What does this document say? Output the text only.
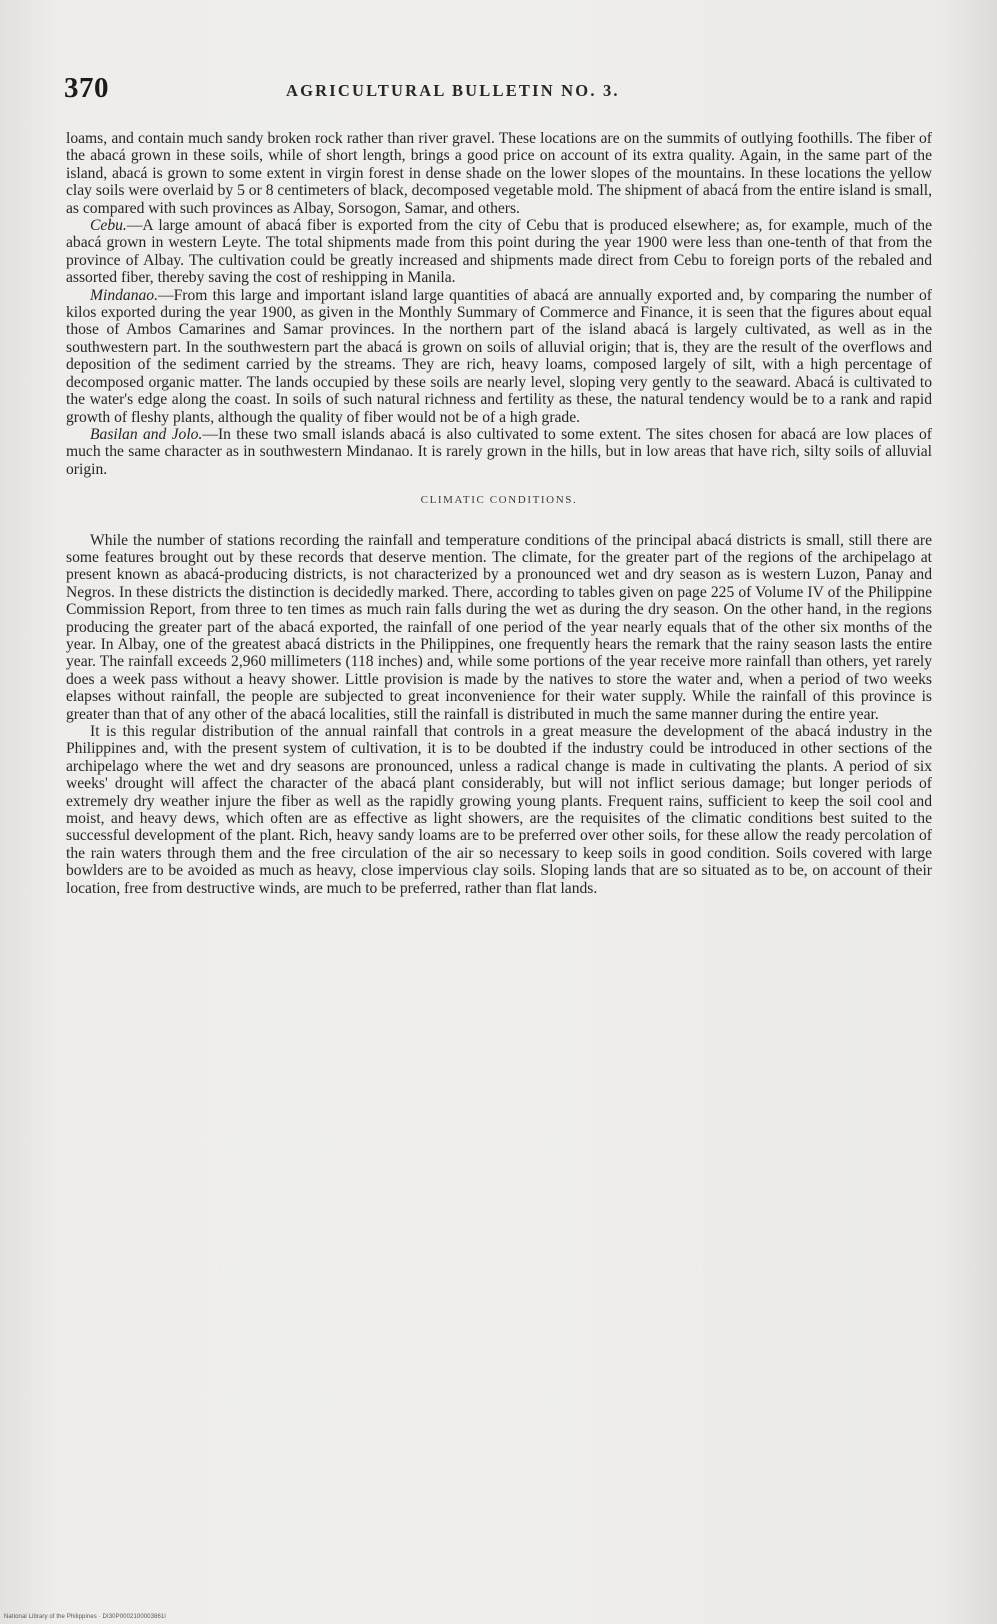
370	AGRICULTURAL BULLETIN NO. 3.

loams, and contain much sandy broken rock rather than river gravel. These locations are on the summits of outlying foothills. The fiber of the abacá grown in these soils, while of short length, brings a good price on account of its extra quality. Again, in the same part of the island, abacá is grown to some extent in virgin forest in dense shade on the lower slopes of the mountains. In these locations the yellow clay soils were overlaid by 5 or 8 centimeters of black, decomposed vegetable mold. The shipment of abacá from the entire island is small, as compared with such provinces as Albay, Sorsogon, Samar, and others.

Cebu.—A large amount of abacá fiber is exported from the city of Cebu that is produced elsewhere; as, for example, much of the abacá grown in western Leyte. The total shipments made from this point during the year 1900 were less than one-tenth of that from the province of Albay. The cultivation could be greatly increased and shipments made direct from Cebu to foreign ports of the rebaled and assorted fiber, thereby saving the cost of reshipping in Manila.

Mindanao.—From this large and important island large quantities of abacá are annually exported and, by comparing the number of kilos exported during the year 1900, as given in the Monthly Summary of Commerce and Finance, it is seen that the figures about equal those of Ambos Camarines and Samar provinces. In the northern part of the island abacá is largely cultivated, as well as in the southwestern part. In the southwestern part the abacá is grown on soils of alluvial origin; that is, they are the result of the overflows and deposition of the sediment carried by the streams. They are rich, heavy loams, composed largely of silt, with a high percentage of decomposed organic matter. The lands occupied by these soils are nearly level, sloping very gently to the seaward. Abacá is cultivated to the water's edge along the coast. In soils of such natural richness and fertility as these, the natural tendency would be to a rank and rapid growth of fleshy plants, although the quality of fiber would not be of a high grade.

Basilan and Jolo.—In these two small islands abacá is also cultivated to some extent. The sites chosen for abacá are low places of much the same character as in southwestern Mindanao. It is rarely grown in the hills, but in low areas that have rich, silty soils of alluvial origin.

CLIMATIC CONDITIONS.

While the number of stations recording the rainfall and temperature conditions of the principal abacá districts is small, still there are some features brought out by these records that deserve mention. The climate, for the greater part of the regions of the archipelago at present known as abacá-producing districts, is not characterized by a pronounced wet and dry season as is western Luzon, Panay and Negros. In these districts the distinction is decidedly marked. There, according to tables given on page 225 of Volume IV of the Philippine Commission Report, from three to ten times as much rain falls during the wet as during the dry season. On the other hand, in the regions producing the greater part of the abacá exported, the rainfall of one period of the year nearly equals that of the other six months of the year. In Albay, one of the greatest abacá districts in the Philippines, one frequently hears the remark that the rainy season lasts the entire year. The rainfall exceeds 2,960 millimeters (118 inches) and, while some portions of the year receive more rainfall than others, yet rarely does a week pass without a heavy shower. Little provision is made by the natives to store the water and, when a period of two weeks elapses without rainfall, the people are subjected to great inconvenience for their water supply. While the rainfall of this province is greater than that of any other of the abacá localities, still the rainfall is distributed in much the same manner during the entire year.

It is this regular distribution of the annual rainfall that controls in a great measure the development of the abacá industry in the Philippines and, with the present system of cultivation, it is to be doubted if the industry could be introduced in other sections of the archipelago where the wet and dry seasons are pronounced, unless a radical change is made in cultivating the plants. A period of six weeks' drought will affect the character of the abacá plant considerably, but will not inflict serious damage; but longer periods of extremely dry weather injure the fiber as well as the rapidly growing young plants. Frequent rains, sufficient to keep the soil cool and moist, and heavy dews, which often are as effective as light showers, are the requisites of the climatic conditions best suited to the successful development of the plant. Rich, heavy sandy loams are to be preferred over other soils, for these allow the ready percolation of the rain waters through them and the free circulation of the air so necessary to keep soils in good condition. Soils covered with large bowlders are to be avoided as much as heavy, close impervious clay soils. Sloping lands that are so situated as to be, on account of their location, free from destructive winds, are much to be preferred, rather than flat lands.

National Library of the Philippines · DI30P0002100003861l
